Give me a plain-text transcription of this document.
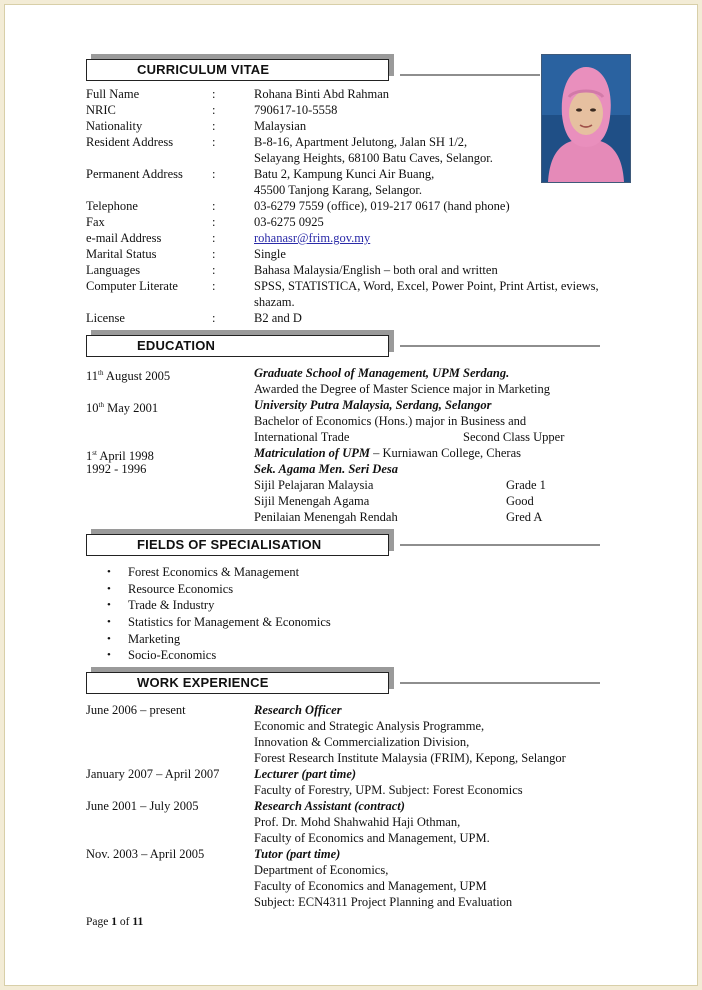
CURRICULUM VITAE
Full Name	:	Rohana Binti Abd Rahman
NRIC	:	790617-10-5558
Nationality	:	Malaysian
Resident Address	:	B-8-16, Apartment Jelutong, Jalan SH 1/2,
Selayang Heights, 68100 Batu Caves, Selangor.
Permanent Address :	Batu 2, Kampung Kunci Air Buang,
45500 Tanjong Karang, Selangor.
Telephone	:	03-6279 7559 (office), 019-217 0617 (hand phone)
Fax	:	03-6275 0925
e-mail Address	:	rohanasr@frim.gov.my
Marital Status	:	Single
Languages	:	Bahasa Malaysia/English – both oral and written
Computer Literate	:	SPSS, STATISTICA, Word, Excel, Power Point, Print Artist, eviews,
shazam.
License	:	B2 and D
EDUCATION
11th August 2005	Graduate School of Management, UPM Serdang.
Awarded the Degree of Master Science major in Marketing
10th May 2001	University Putra Malaysia, Serdang, Selangor
Bachelor of Economics (Hons.) major in Business and
International Trade	Second Class Upper
1st April 1998	Matriculation of UPM – Kurniawan College, Cheras
1992 - 1996	Sek. Agama Men. Seri Desa
Sijil Pelajaran Malaysia	Grade 1
Sijil Menengah Agama	Good
Penilaian Menengah Rendah	Gred A
FIELDS OF SPECIALISATION
• Forest Economics & Management
• Resource Economics
• Trade & Industry
• Statistics for Management & Economics
• Marketing
• Socio-Economics
WORK EXPERIENCE
June 2006 – present	Research Officer
Economic and Strategic Analysis Programme,
Innovation & Commercialization Division,
Forest Research Institute Malaysia (FRIM), Kepong, Selangor
January 2007 – April 2007	Lecturer (part time)
Faculty of Forestry, UPM. Subject: Forest Economics
June 2001 – July 2005	Research Assistant (contract)
Prof. Dr. Mohd Shahwahid Haji Othman,
Faculty of Economics and Management, UPM.
Nov. 2003 – April 2005	Tutor (part time)
Department of Economics,
Faculty of Economics and Management, UPM
Subject: ECN4311 Project Planning and Evaluation
Page 1 of 11
